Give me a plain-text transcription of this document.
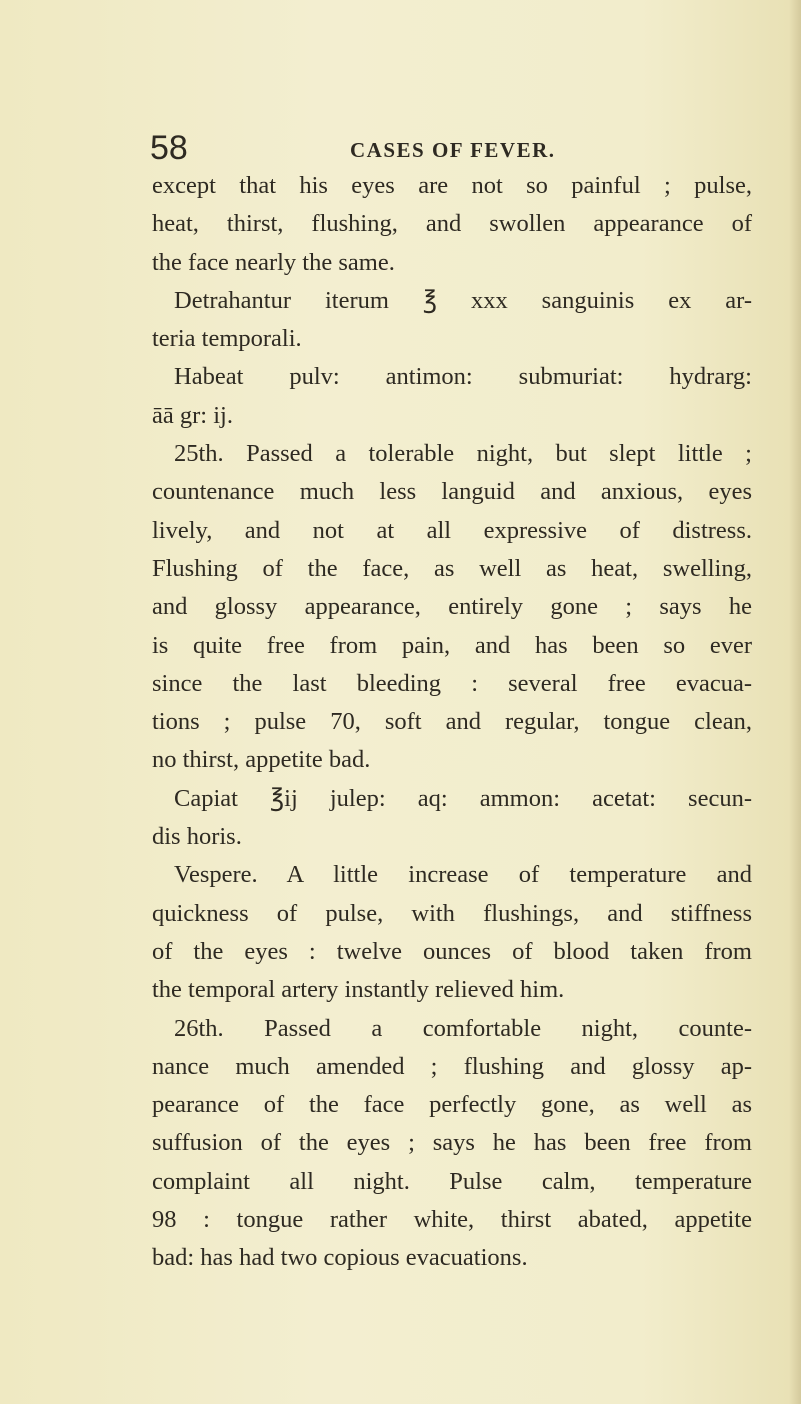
58	CASES OF FEVER.
except that his eyes are not so painful ; pulse,
heat, thirst, flushing, and swollen appearance of
the face nearly the same.
Detrahantur iterum ℥ xxx sanguinis ex ar-
teria temporali.
Habeat pulv: antimon: submuriat: hydrarg:
āā gr: ij.
25th. Passed a tolerable night, but slept little ;
countenance much less languid and anxious, eyes
lively, and not at all expressive of distress.
Flushing of the face, as well as heat, swelling,
and glossy appearance, entirely gone ; says he
is quite free from pain, and has been so ever
since the last bleeding : several free evacua-
tions ; pulse 70, soft and regular, tongue clean,
no thirst, appetite bad.
Capiat ℥ij julep: aq: ammon: acetat: secun-
dis horis.
Vespere. A little increase of temperature and
quickness of pulse, with flushings, and stiffness
of the eyes : twelve ounces of blood taken from
the temporal artery instantly relieved him.
26th. Passed a comfortable night, counte-
nance much amended ; flushing and glossy ap-
pearance of the face perfectly gone, as well as
suffusion of the eyes ; says he has been free from
complaint all night. Pulse calm, temperature
98 : tongue rather white, thirst abated, appetite
bad: has had two copious evacuations.
